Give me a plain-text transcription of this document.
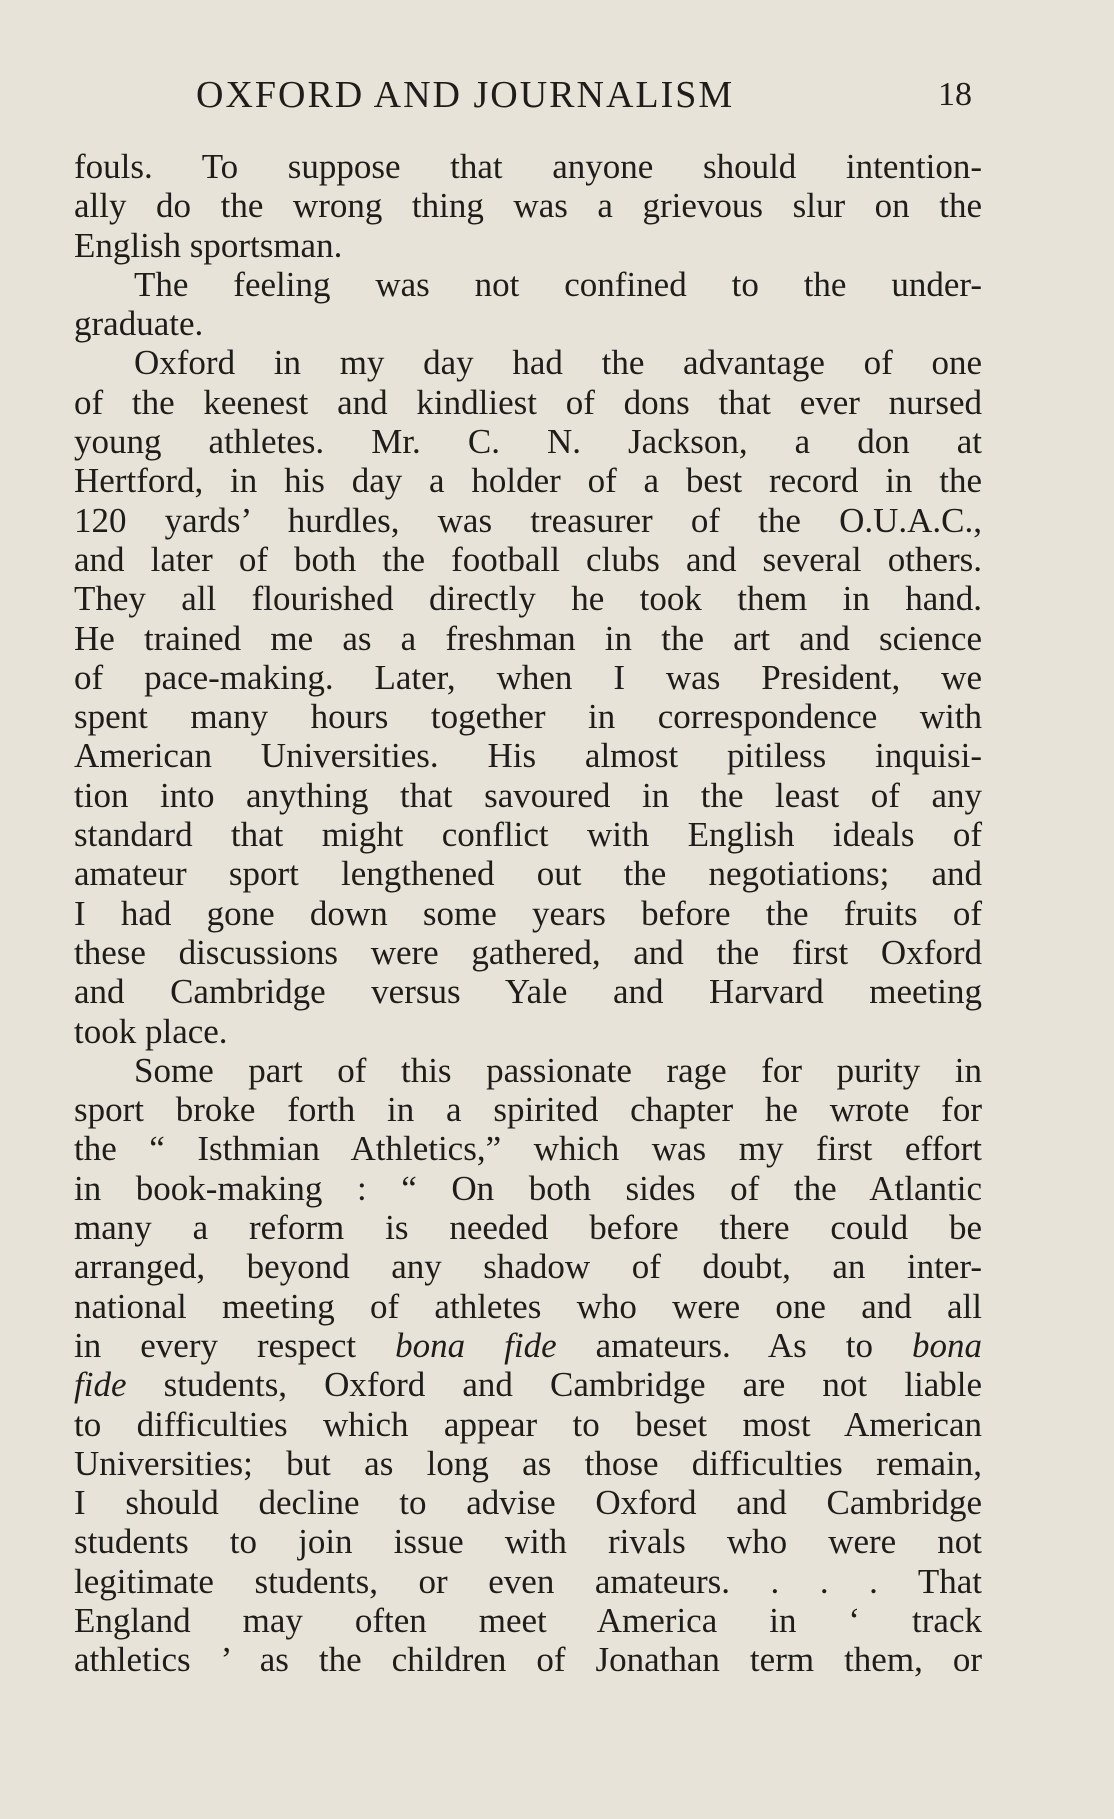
OXFORD AND JOURNALISM	18
fouls. To suppose that anyone should intention-
ally do the wrong thing was a grievous slur on the
English sportsman.
The feeling was not confined to the under-
graduate.
Oxford in my day had the advantage of one
of the keenest and kindliest of dons that ever nursed
young athletes. Mr. C. N. Jackson, a don at
Hertford, in his day a holder of a best record in the
120 yards’ hurdles, was treasurer of the O.U.A.C.,
and later of both the football clubs and several others.
They all flourished directly he took them in hand.
He trained me as a freshman in the art and science
of pace-making. Later, when I was President, we
spent many hours together in correspondence with
American Universities. His almost pitiless inquisi-
tion into anything that savoured in the least of any
standard that might conflict with English ideals of
amateur sport lengthened out the negotiations; and
I had gone down some years before the fruits of
these discussions were gathered, and the first Oxford
and Cambridge versus Yale and Harvard meeting
took place.
Some part of this passionate rage for purity in
sport broke forth in a spirited chapter he wrote for
the “ Isthmian Athletics,” which was my first effort
in book-making : “ On both sides of the Atlantic
many a reform is needed before there could be
arranged, beyond any shadow of doubt, an inter-
national meeting of athletes who were one and all
in every respect bona fide amateurs. As to bona
fide students, Oxford and Cambridge are not liable
to difficulties which appear to beset most American
Universities; but as long as those difficulties remain,
I should decline to advise Oxford and Cambridge
students to join issue with rivals who were not
legitimate students, or even amateurs. . . . That
England may often meet America in ‘ track
athletics ’ as the children of Jonathan term them, or
